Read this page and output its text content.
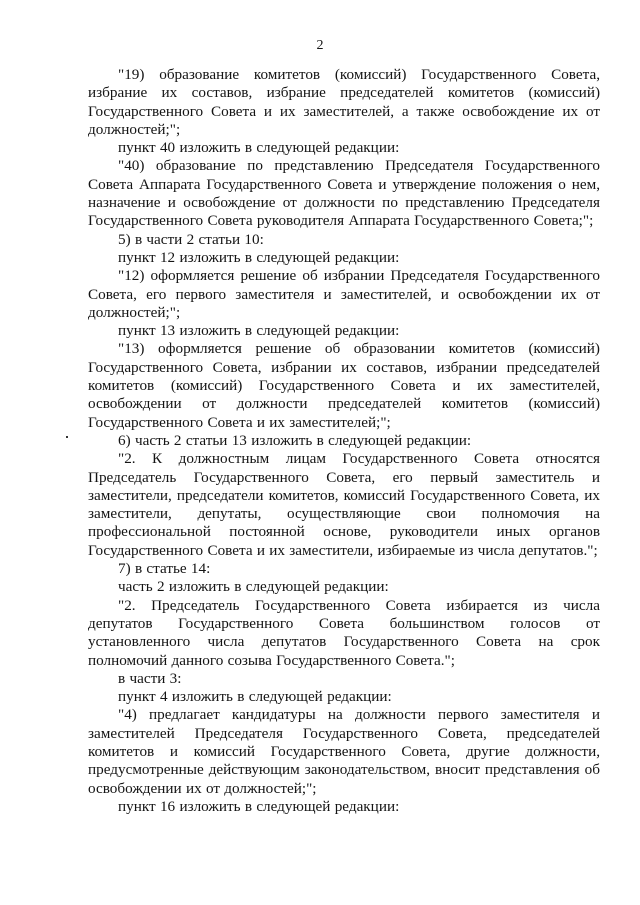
2

"19) образование комитетов (комиссий) Государственного Совета, избрание их составов, избрание председателей комитетов (комиссий) Государственного Совета и их заместителей, а также освобождение их от должностей;";

пункт 40 изложить в следующей редакции:

"40) образование по представлению Председателя Государственного Совета Аппарата Государственного Совета и утверждение положения о нем, назначение и освобождение от должности по представлению Председателя Государственного Совета руководителя Аппарата Государственного Совета;";

5) в части 2 статьи 10:

пункт 12 изложить в следующей редакции:

"12) оформляется решение об избрании Председателя Государственного Совета, его первого заместителя и заместителей, и освобождении их от должностей;";

пункт 13 изложить в следующей редакции:

"13) оформляется решение об образовании комитетов (комиссий) Государственного Совета, избрании их составов, избрании председателей комитетов (комиссий) Государственного Совета и их заместителей, освобождении от должности председателей комитетов (комиссий) Государственного Совета и их заместителей;";

6) часть 2 статьи 13 изложить в следующей редакции:

"2. К должностным лицам Государственного Совета относятся Председатель Государственного Совета, его первый заместитель и заместители, председатели комитетов, комиссий Государственного Совета, их заместители, депутаты, осуществляющие свои полномочия на профессиональной постоянной основе, руководители иных органов Государственного Совета и их заместители, избираемые из числа депутатов.";

7) в статье 14:

часть 2 изложить в следующей редакции:

"2. Председатель Государственного Совета избирается из числа депутатов Государственного Совета большинством голосов от установленного числа депутатов Государственного Совета на срок полномочий данного созыва Государственного Совета.";

в части 3:

пункт 4 изложить в следующей редакции:

"4) предлагает кандидатуры на должности первого заместителя и заместителей Председателя Государственного Совета, председателей комитетов и комиссий Государственного Совета, другие должности, предусмотренные действующим законодательством, вносит представления об освобождении их от должностей;";

пункт 16 изложить в следующей редакции:
